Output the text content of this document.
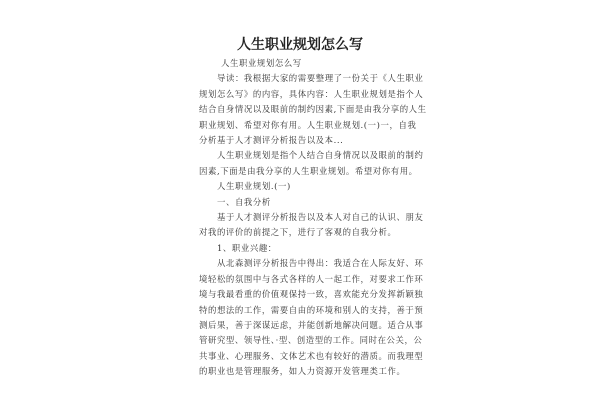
人生职业规划怎么写
人生职业规划怎么写
导读：我根据大家的需要整理了一份关于《人生职业
规划怎么写》的内容，具体内容：人生职业规划是指个人
结合自身情况以及眼前的制约因素,下面是由我分享的人生
职业规划、希望对你有用。人生职业规划.(一)一，自我
分析基于人才测评分析报告以及本...
人生职业规划是指个人结合自身情况以及眼前的制约
因素,下面是由我分享的人生职业规划。希望对你有用。
人生职业规划.(一)
一、自我分析
基于人才测评分析报告以及本人对自己的认识、朋友
对我的评价的前提之下，进行了客观的自我分析。
1、职业兴趣：
从北森测评分析报告中得出：我适合在人际友好、环
境轻松的氛围中与各式各样的人一起工作，对要求工作环
境与我最看重的价值观保持一致，喜欢能充分发挥新颖独
特的想法的工作，需要自由的环境和别人的支持，善于预
测后果，善于深谋远虑，并能创新地解决问题。适合从事
管研究型、领导性、·型、创造型的工作。同时在公关，公
共事业、心理服务、文体艺术也有较好的潜质。而我理型
的职业也是管理服务，如人力资源开发管理类工作。
